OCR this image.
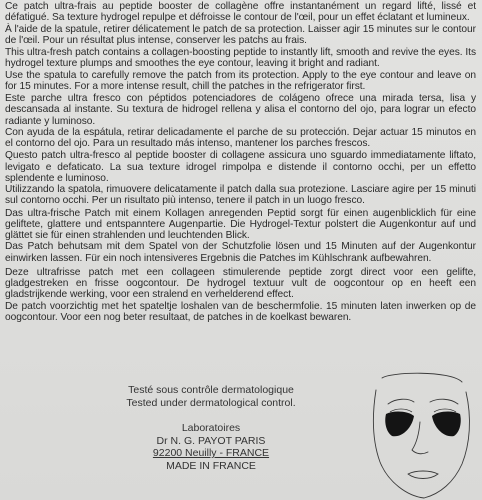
Ce patch ultra-frais au peptide booster de collagène offre instantanément un regard lifté, lissé et défatigué. Sa texture hydrogel repulpe et défroisse le contour de l'œil, pour un effet éclatant et lumineux.

À l'aide de la spatule, retirer délicatement le patch de sa protection. Laisser agir 15 minutes sur le contour de l'œil. Pour un résultat plus intense, conserver les patchs au frais.

This ultra-fresh patch contains a collagen-boosting peptide to instantly lift, smooth and revive the eyes. Its hydrogel texture plumps and smoothes the eye contour, leaving it bright and radiant.

Use the spatula to carefully remove the patch from its protection. Apply to the eye contour and leave on for 15 minutes. For a more intense result, chill the patches in the refrigerator first.

Este parche ultra fresco con péptidos potenciadores de colágeno ofrece una mirada tersa, lisa y descansada al instante. Su textura de hidrogel rellena y alisa el contorno del ojo, para lograr un efecto radiante y luminoso.

Con ayuda de la espátula, retirar delicadamente el parche de su protección. Dejar actuar 15 minutos en el contorno del ojo. Para un resultado más intenso, mantener los parches frescos.

Questo patch ultra-fresco al peptide booster di collagene assicura uno sguardo immediatamente liftato, levigato e defaticato. La sua texture idrogel rimpolpa e distende il contorno occhi, per un effetto splendente e luminoso.

Utilizzando la spatola, rimuovere delicatamente il patch dalla sua protezione. Lasciare agire per 15 minuti sul contorno occhi. Per un risultato più intenso, tenere il patch in un luogo fresco.

Das ultra-frische Patch mit einem Kollagen anregenden Peptid sorgt für einen augenblicklich für eine geliftete, glattere und entspanntere Augenpartie. Die Hydrogel-Textur polstert die Augenkontur auf und glättet sie für einen strahlenden und leuchtenden Blick.

Das Patch behutsam mit dem Spatel von der Schutzfolie lösen und 15 Minuten auf der Augenkontur einwirken lassen. Für ein noch intensiveres Ergebnis die Patches im Kühlschrank aufbewahren.

Deze ultrafrisse patch met een collageen stimulerende peptide zorgt direct voor een gelifte, gladgestreken en frisse oogcontour. De hydrogel textuur vult de oogcontour op en heeft een gladstrijkende werking, voor een stralend en verhelderend effect.

De patch voorzichtig met het spateltje loshalen van de beschermfolie. 15 minuten laten inwerken op de oogcontour. Voor een nog beter resultaat, de patches in de koelkast bewaren.

Testé sous contrôle dermatologique
Tested under dermatological control.
Laboratoires
Dr N. G. PAYOT PARIS
92200 Neuilly - FRANCE
MADE IN FRANCE
